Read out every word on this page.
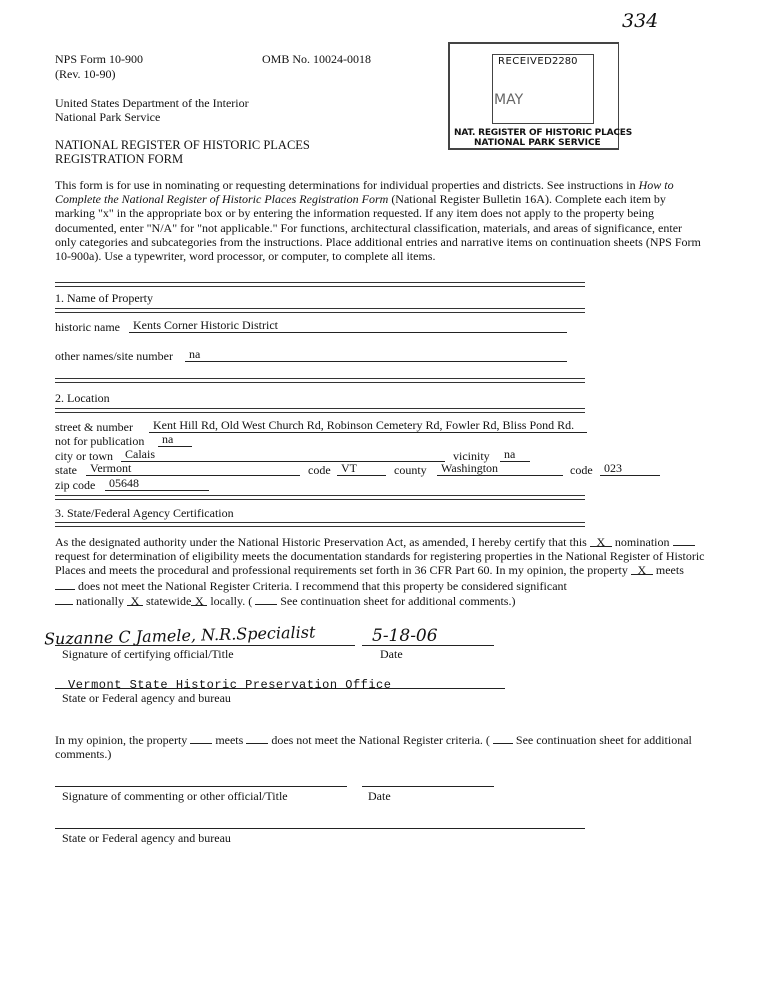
334
NPS Form 10-900
(Rev. 10-90)
OMB No. 10024-0018
United States Department of the Interior
National Park Service
NATIONAL REGISTER OF HISTORIC PLACES
REGISTRATION FORM
RECEIVED 2280
MAY
NAT. REGISTER OF HISTORIC PLACES
NATIONAL PARK SERVICE
This form is for use in nominating or requesting determinations for individual properties and districts. See instructions in How to Complete the National Register of Historic Places Registration Form (National Register Bulletin 16A). Complete each item by marking "x" in the appropriate box or by entering the information requested. If any item does not apply to the property being documented, enter "N/A" for "not applicable." For functions, architectural classification, materials, and areas of significance, enter only categories and subcategories from the instructions. Place additional entries and narrative items on continuation sheets (NPS Form 10-900a). Use a typewriter, word processor, or computer, to complete all items.
1. Name of Property
historic name	Kents Corner Historic District
other names/site number	na
2. Location
street & number	Kent Hill Rd, Old West Church Rd, Robinson Cemetery Rd, Fowler Rd, Bliss Pond Rd.
not for publication	na
city or town	Calais	vicinity	na
state	Vermont	code VT	county	Washington	code 023
zip code	05648
3. State/Federal Agency Certification
As the designated authority under the National Historic Preservation Act, as amended, I hereby certify that this X nomination  request for determination of eligibility meets the documentation standards for registering properties in the National Register of Historic Places and meets the procedural and professional requirements set forth in 36 CFR Part 60. In my opinion, the property X meets
does not meet the National Register Criteria. I recommend that this property be considered significant
nationally X statewide X locally. (  See continuation sheet for additional comments.)
Suzanne C Jamele, N.R.Specialist	5-18-06
Signature of certifying official/Title	Date
Vermont State Historic Preservation Office
State or Federal agency and bureau
In my opinion, the property  meets  does not meet the National Register criteria. (  See continuation sheet for additional comments.)
Signature of commenting or other official/Title	Date
State or Federal agency and bureau
